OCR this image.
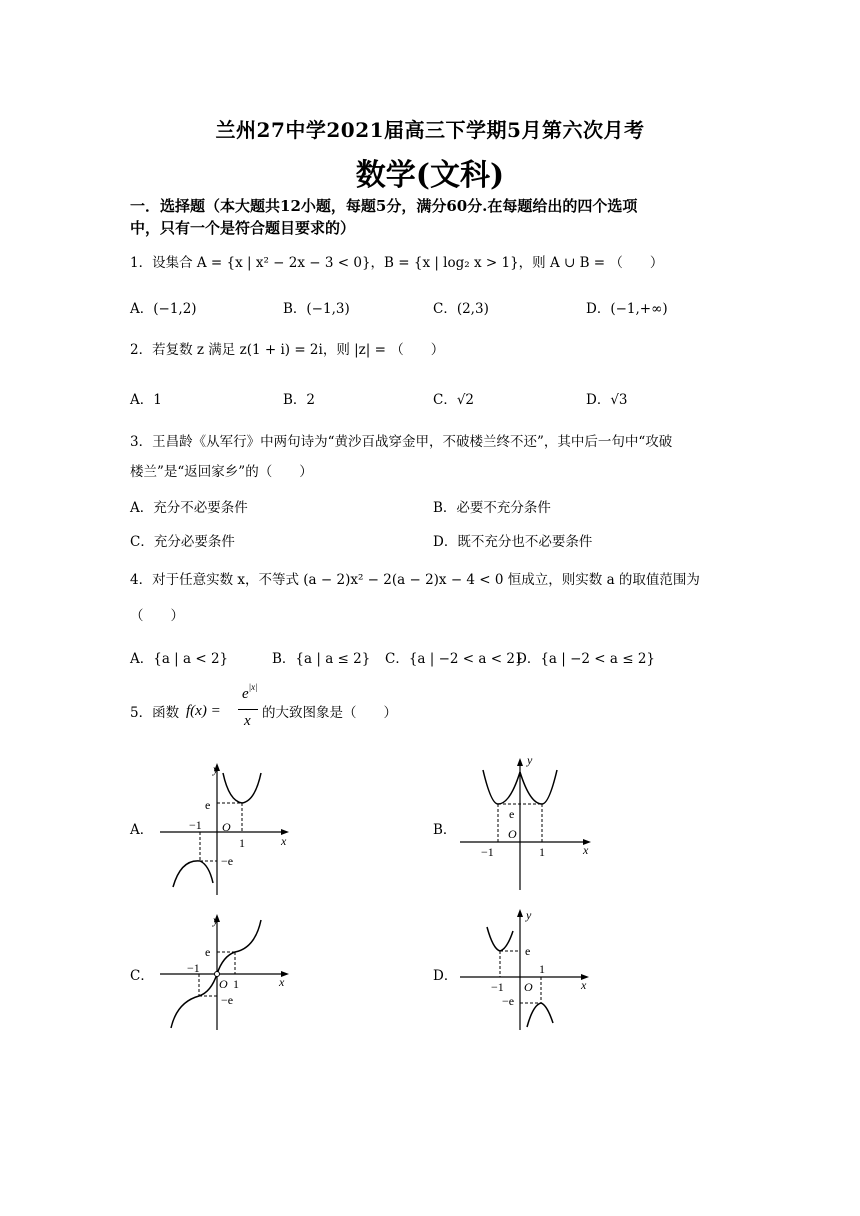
兰州27中学2021届高三下学期5月第六次月考
数学(文科)
一．选择题（本大题共12小题，每题5分，满分60分.在每题给出的四个选项
中，只有一个是符合题目要求的）
1．设集合 A = {x | x² − 2x − 3 < 0}，B = {x | log₂ x > 1}，则 A ∪ B = （　　）
A．(−1,2)	B．(−1,3)	C．(2,3)	D．(−1,+∞)
2．若复数 z 满足 z(1 + i) = 2i，则 |z| = （　　）
A．1	B．2	C．√2	D．√3
3．王昌龄《从军行》中两句诗为“黄沙百战穿金甲，不破楼兰终不还”，其中后一句中“攻破
楼兰”是“返回家乡”的（　　）
A．充分不必要条件	B．必要不充分条件
C．充分必要条件	D．既不充分也不必要条件
4．对于任意实数 x，不等式 (a − 2)x² − 2(a − 2)x − 4 < 0 恒成立，则实数 a 的取值范围为
（　　）
A．{a | a < 2}	B．{a | a ≤ 2} C．{a | −2 < a < 2}
D．{a | −2 < a ≤ 2}
5．函数 f(x) =
$e^{|x|}$
x 的大致图象是（　　）
A．
y
x
O
e
−e
1
−1	B．
y
x
O
e
1
−1
C．
y
x
O
e
−e
1
−1	D．
y
x
O
e
−e
1
−1
